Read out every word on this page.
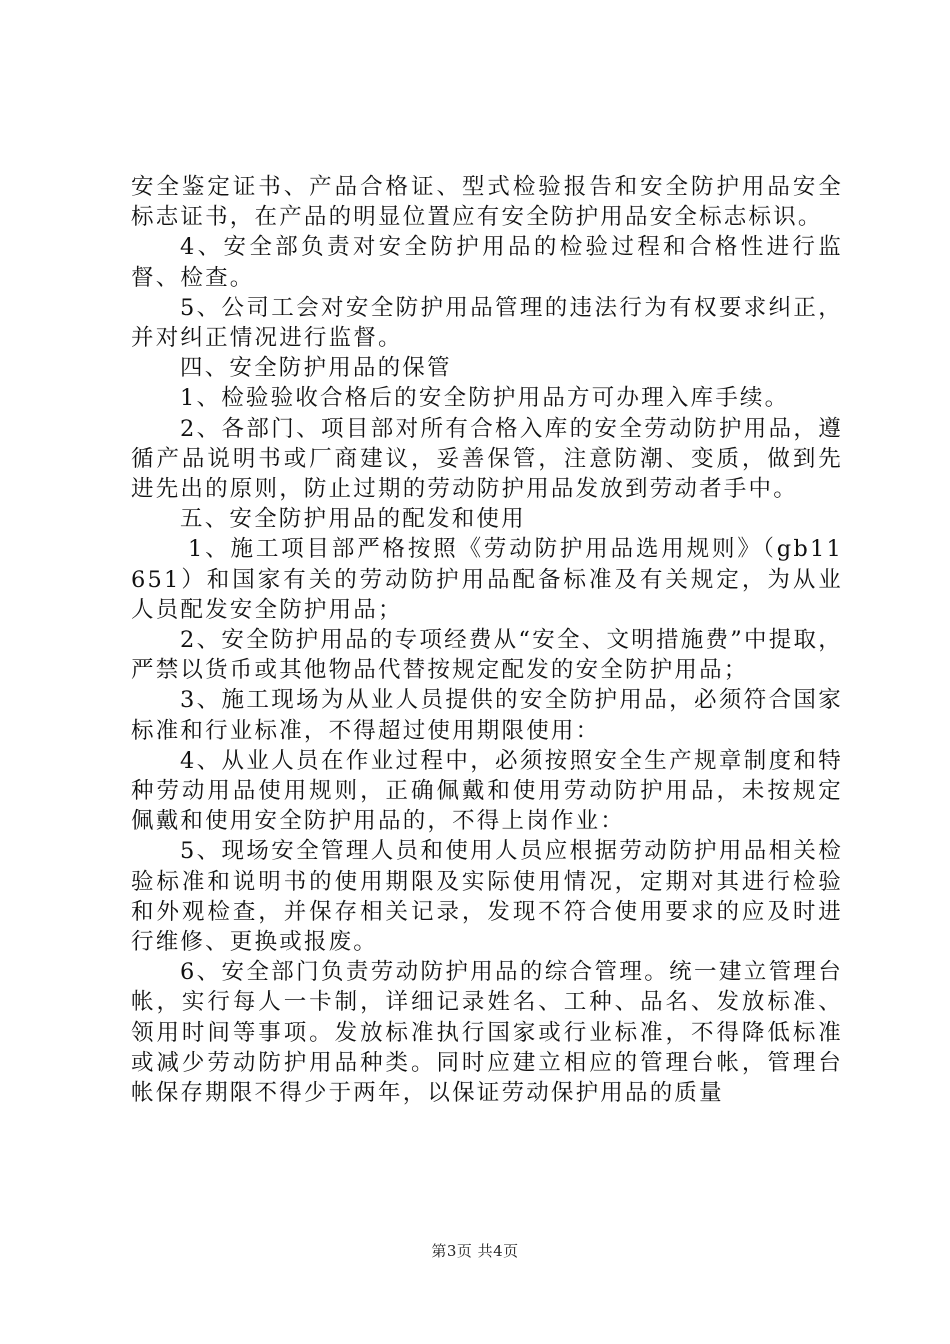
安全鉴定证书、产品合格证、型式检验报告和安全防护用品安全标志证书，在产品的明显位置应有安全防护用品安全标志标识。

4、安全部负责对安全防护用品的检验过程和合格性进行监督、检查。

5、公司工会对安全防护用品管理的违法行为有权要求纠正，并对纠正情况进行监督。

四、安全防护用品的保管

1、检验验收合格后的安全防护用品方可办理入库手续。

2、各部门、项目部对所有合格入库的安全劳动防护用品，遵循产品说明书或厂商建议，妥善保管，注意防潮、变质，做到先进先出的原则，防止过期的劳动防护用品发放到劳动者手中。

五、安全防护用品的配发和使用

1、施工项目部严格按照《劳动防护用品选用规则》（gb11651）和国家有关的劳动防护用品配备标准及有关规定，为从业人员配发安全防护用品；

2、安全防护用品的专项经费从“安全、文明措施费”中提取，严禁以货币或其他物品代替按规定配发的安全防护用品；

3、施工现场为从业人员提供的安全防护用品，必须符合国家标准和行业标准，不得超过使用期限使用：

4、从业人员在作业过程中，必须按照安全生产规章制度和特种劳动用品使用规则，正确佩戴和使用劳动防护用品，未按规定佩戴和使用安全防护用品的，不得上岗作业：

5、现场安全管理人员和使用人员应根据劳动防护用品相关检验标准和说明书的使用期限及实际使用情况，定期对其进行检验和外观检查，并保存相关记录，发现不符合使用要求的应及时进行维修、更换或报废。

6、安全部门负责劳动防护用品的综合管理。统一建立管理台帐，实行每人一卡制，详细记录姓名、工种、品名、发放标准、领用时间等事项。发放标准执行国家或行业标准，不得降低标准或减少劳动防护用品种类。同时应建立相应的管理台帐，管理台帐保存期限不得少于两年，以保证劳动保护用品的质量

第3页 共4页
